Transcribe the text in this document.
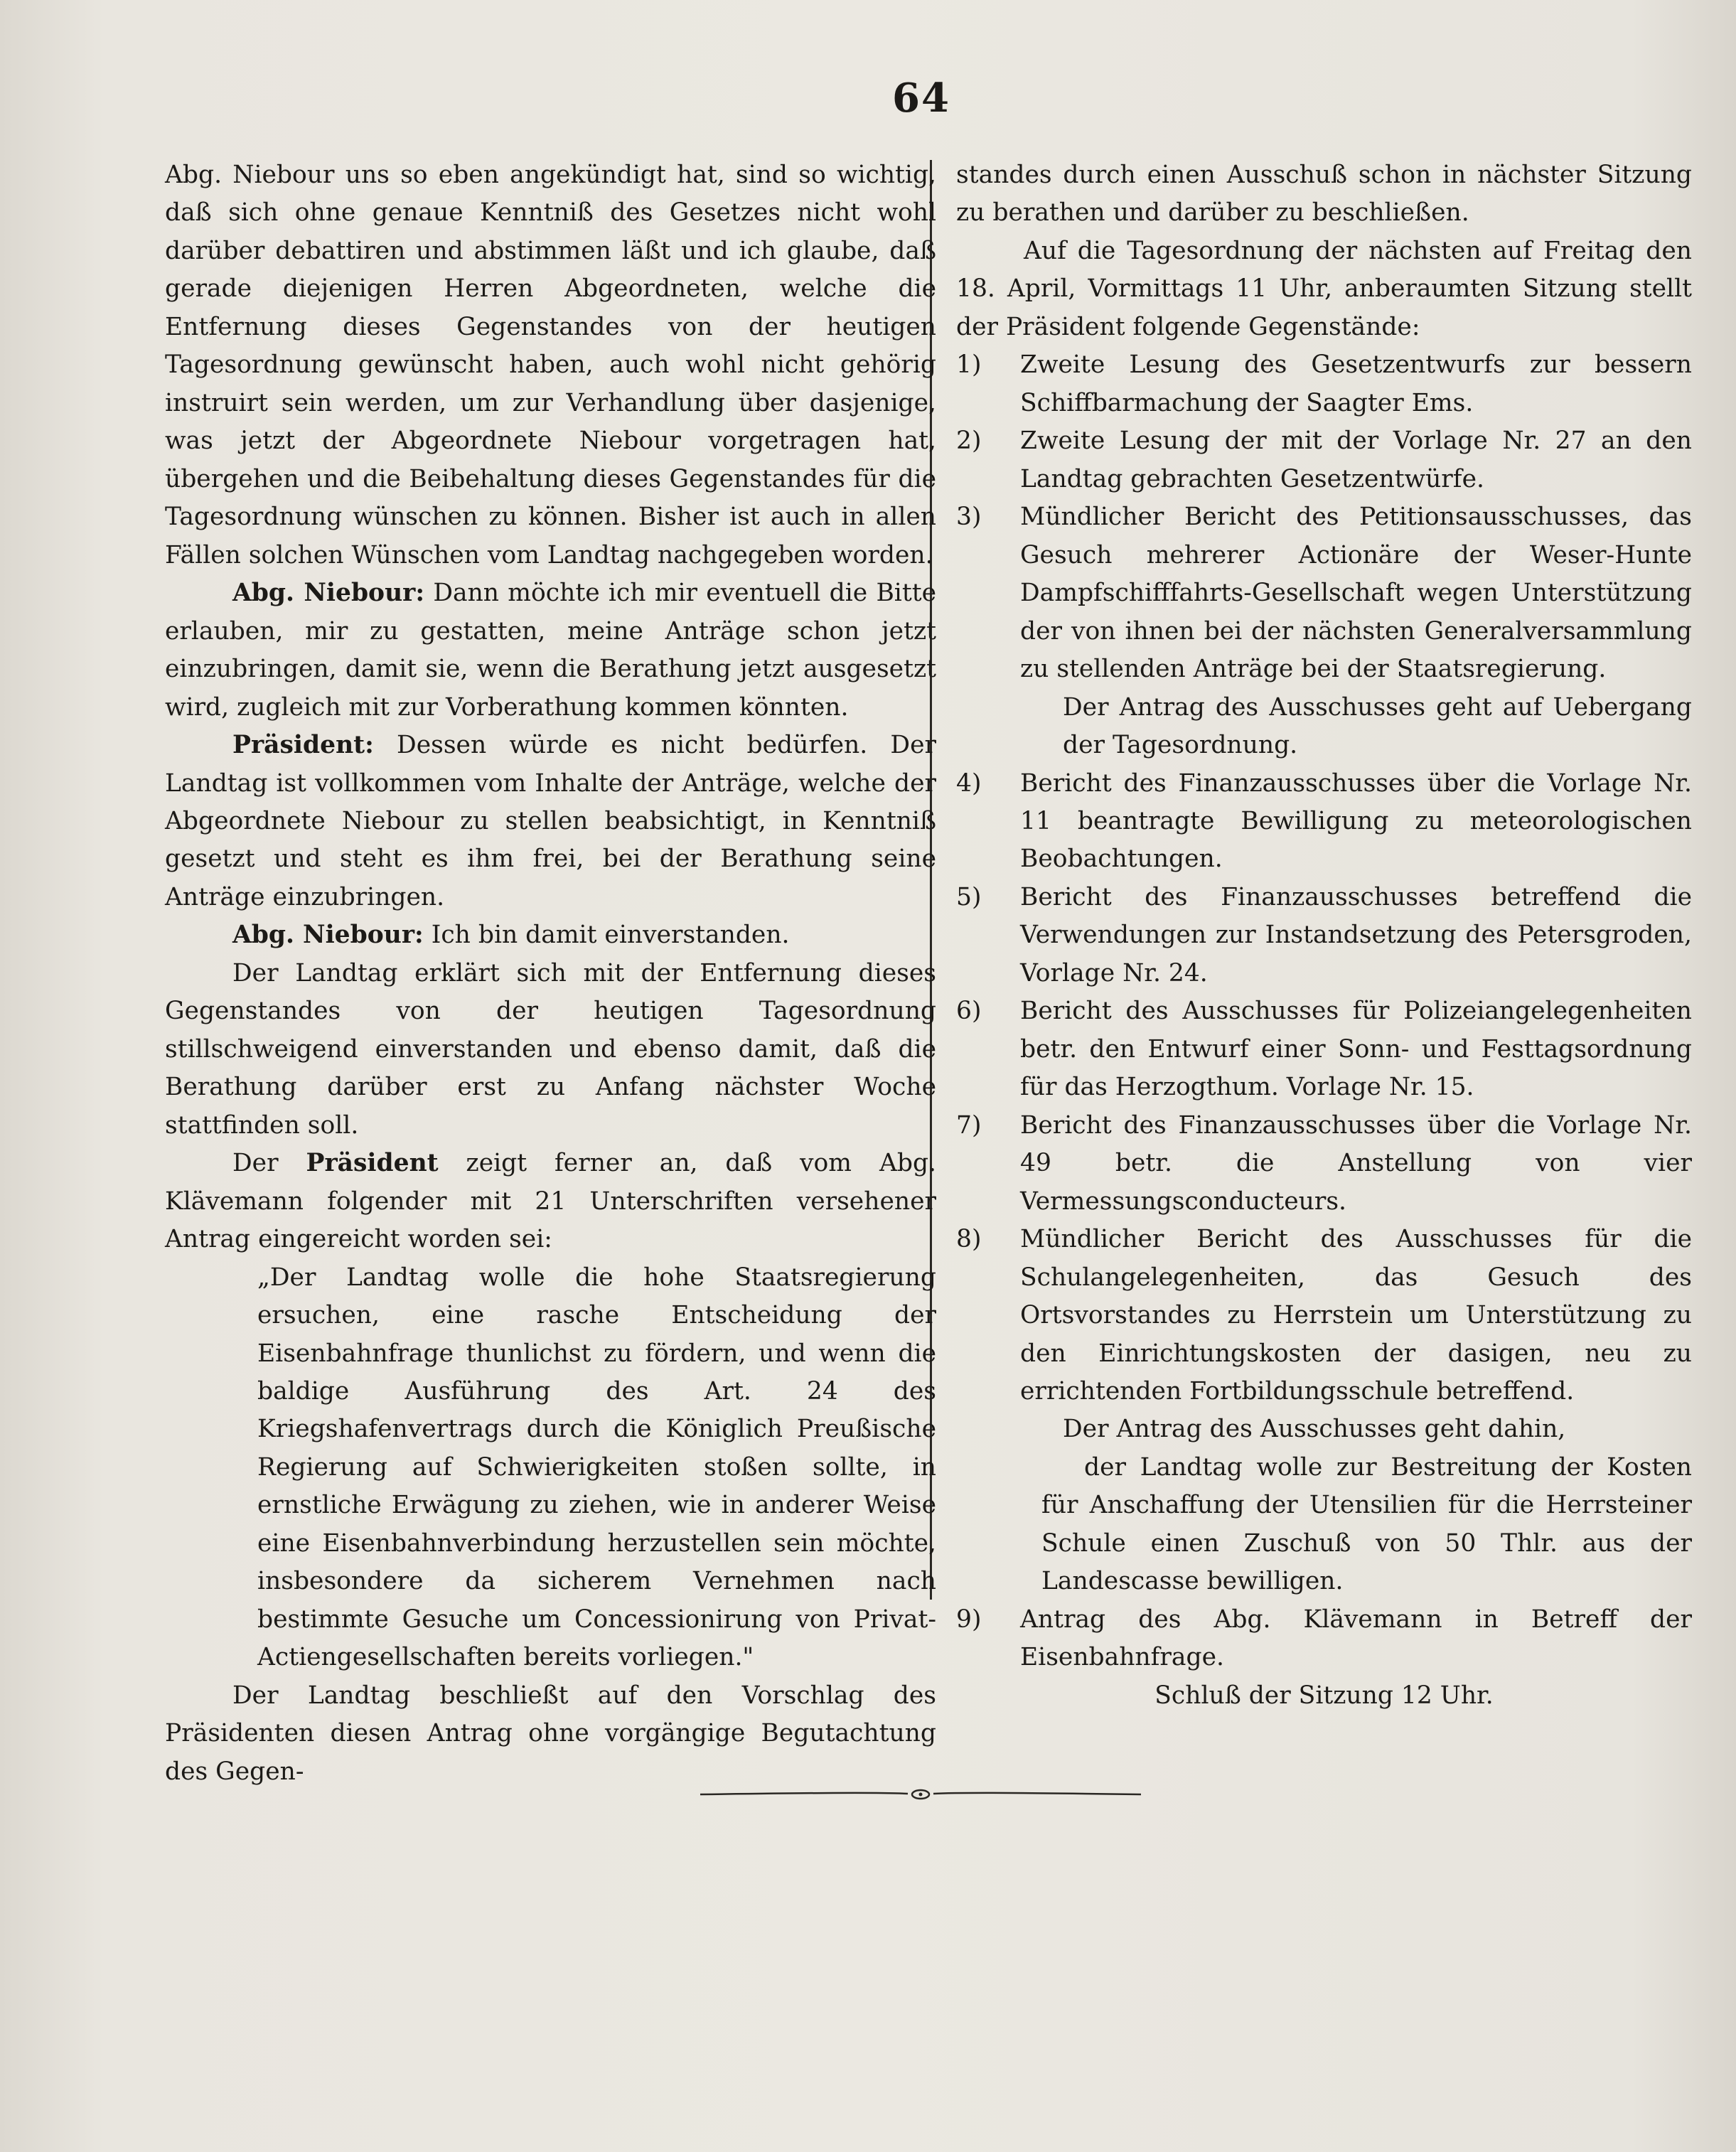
64

Abg. Niebour uns so eben angekündigt hat, sind so wichtig, daß sich ohne genaue Kenntniß des Gesetzes nicht wohl darüber debattiren und abstimmen läßt und ich glaube, daß gerade diejenigen Herren Abgeordneten, welche die Entfernung dieses Gegenstandes von der heutigen Tagesordnung gewünscht haben, auch wohl nicht gehörig instruirt sein werden, um zur Verhandlung über dasjenige, was jetzt der Abgeordnete Niebour vorgetragen hat, übergehen und die Beibehaltung dieses Gegenstandes für die Tagesordnung wünschen zu können. Bisher ist auch in allen Fällen solchen Wünschen vom Landtag nachgegeben worden.

Abg. Niebour: Dann möchte ich mir eventuell die Bitte erlauben, mir zu gestatten, meine Anträge schon jetzt einzubringen, damit sie, wenn die Berathung jetzt ausgesetzt wird, zugleich mit zur Vorberathung kommen könnten.

Präsident: Dessen würde es nicht bedürfen. Der Landtag ist vollkommen vom Inhalte der Anträge, welche der Abgeordnete Niebour zu stellen beabsichtigt, in Kenntniß gesetzt und steht es ihm frei, bei der Berathung seine Anträge einzubringen.

Abg. Niebour: Ich bin damit einverstanden.

Der Landtag erklärt sich mit der Entfernung dieses Gegenstandes von der heutigen Tagesordnung stillschweigend einverstanden und ebenso damit, daß die Berathung darüber erst zu Anfang nächster Woche stattfinden soll.

Der Präsident zeigt ferner an, daß vom Abg. Klävemann folgender mit 21 Unterschriften versehener Antrag eingereicht worden sei:

„Der Landtag wolle die hohe Staatsregierung ersuchen, eine rasche Entscheidung der Eisenbahnfrage thunlichst zu fördern, und wenn die baldige Ausführung des Art. 24 des Kriegshafenvertrags durch die Königlich Preußische Regierung auf Schwierigkeiten stoßen sollte, in ernstliche Erwägung zu ziehen, wie in anderer Weise eine Eisenbahnverbindung herzustellen sein möchte, insbesondere da sicherem Vernehmen nach bestimmte Gesuche um Concessionirung von Privat-Actiengesellschaften bereits vorliegen."

Der Landtag beschließt auf den Vorschlag des Präsidenten diesen Antrag ohne vorgängige Begutachtung des Gegen-

standes durch einen Ausschuß schon in nächster Sitzung zu berathen und darüber zu beschließen.

Auf die Tagesordnung der nächsten auf Freitag den 18. April, Vormittags 11 Uhr, anberaumten Sitzung stellt der Präsident folgende Gegenstände:

1)	Zweite Lesung des Gesetzentwurfs zur bessern Schiffbarmachung der Saagter Ems.
2)	Zweite Lesung der mit der Vorlage Nr. 27 an den Landtag gebrachten Gesetzentwürfe.
3)	Mündlicher Bericht des Petitionsausschusses, das Gesuch mehrerer Actionäre der Weser-Hunte Dampfschifffahrts-Gesellschaft wegen Unterstützung der von ihnen bei der nächsten Generalversammlung zu stellenden Anträge bei der Staatsregierung.

Der Antrag des Ausschusses geht auf Uebergang der Tagesordnung.

4)	Bericht des Finanzausschusses über die Vorlage Nr. 11 beantragte Bewilligung zu meteorologischen Beobachtungen.
5)	Bericht des Finanzausschusses betreffend die Verwendungen zur Instandsetzung des Petersgroden, Vorlage Nr. 24.
6)	Bericht des Ausschusses für Polizeiangelegenheiten betr. den Entwurf einer Sonn- und Festtagsordnung für das Herzogthum. Vorlage Nr. 15.
7)	Bericht des Finanzausschusses über die Vorlage Nr. 49 betr. die Anstellung von vier Vermessungsconducteurs.
8)	Mündlicher Bericht des Ausschusses für die Schulangelegenheiten, das Gesuch des Ortsvorstandes zu Herrstein um Unterstützung zu den Einrichtungskosten der dasigen, neu zu errichtenden Fortbildungsschule betreffend.

Der Antrag des Ausschusses geht dahin,

der Landtag wolle zur Bestreitung der Kosten für Anschaffung der Utensilien für die Herrsteiner Schule einen Zuschuß von 50 Thlr. aus der Landescasse bewilligen.

9)	Antrag des Abg. Klävemann in Betreff der Eisenbahnfrage.

Schluß der Sitzung 12 Uhr.
